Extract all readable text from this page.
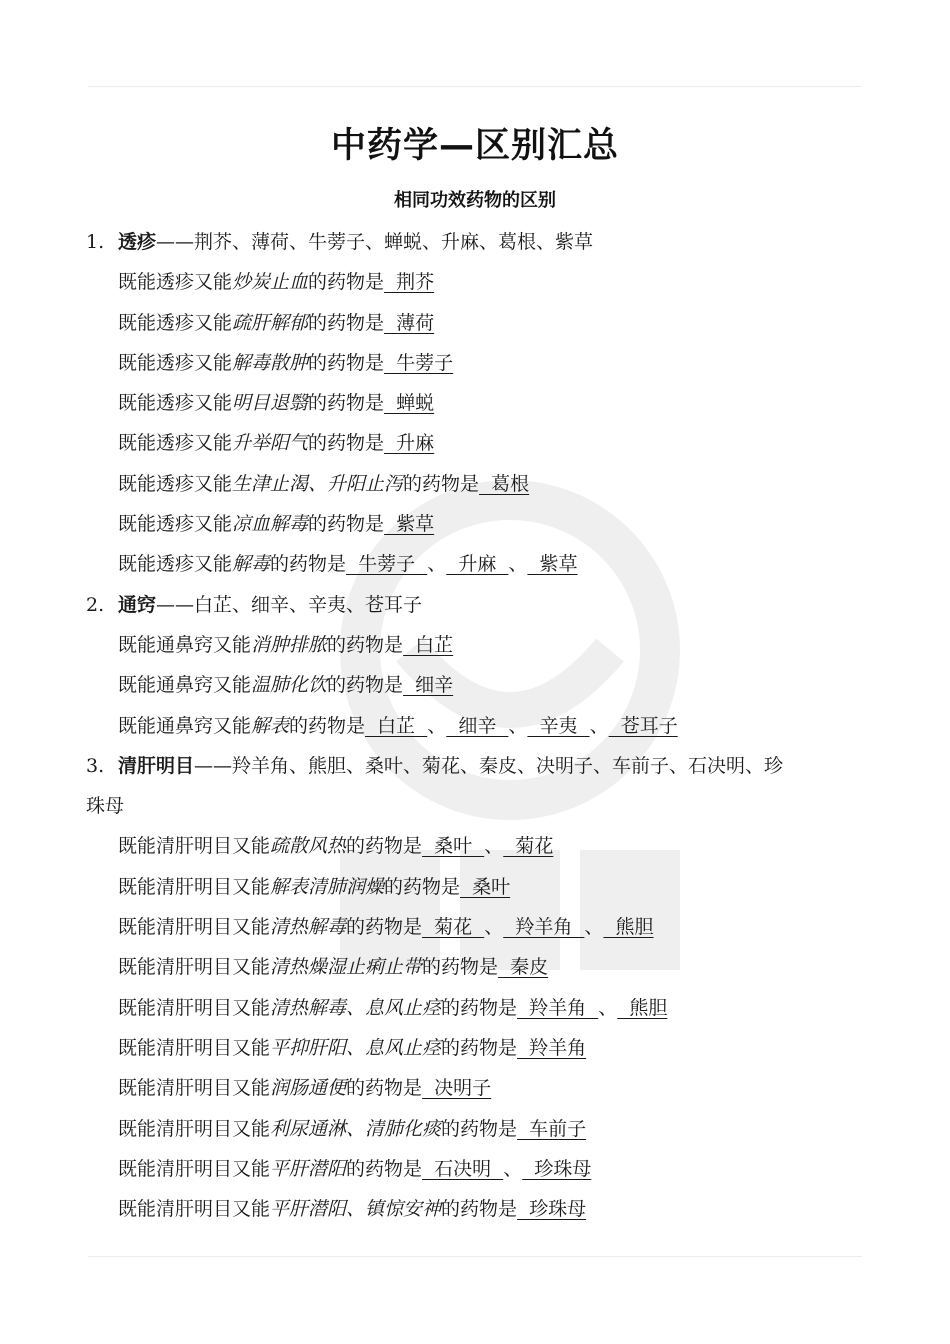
中药学—区别汇总
相同功效药物的区别
1. 透疹——荆芥、薄荷、牛蒡子、蝉蜕、升麻、葛根、紫草
既能透疹又能炒炭止血的药物是  荆芥
既能透疹又能疏肝解郁的药物是  薄荷
既能透疹又能解毒散肿的药物是  牛蒡子
既能透疹又能明目退翳的药物是  蝉蜕
既能透疹又能升举阳气的药物是  升麻
既能透疹又能生津止渴、升阳止泻的药物是  葛根
既能透疹又能凉血解毒的药物是  紫草
既能透疹又能解毒的药物是  牛蒡子  、  升麻  、  紫草
2. 通窍——白芷、细辛、辛夷、苍耳子
既能通鼻窍又能消肿排脓的药物是  白芷
既能通鼻窍又能温肺化饮的药物是  细辛
既能通鼻窍又能解表的药物是  白芷  、  细辛  、  辛夷  、  苍耳子
3. 清肝明目——羚羊角、熊胆、桑叶、菊花、秦皮、决明子、车前子、石决明、珍
珠母
既能清肝明目又能疏散风热的药物是  桑叶  、  菊花
既能清肝明目又能解表清肺润燥的药物是  桑叶
既能清肝明目又能清热解毒的药物是  菊花  、  羚羊角  、  熊胆
既能清肝明目又能清热燥湿止痢止带的药物是  秦皮
既能清肝明目又能清热解毒、息风止痉的药物是  羚羊角  、  熊胆
既能清肝明目又能平抑肝阳、息风止痉的药物是  羚羊角
既能清肝明目又能润肠通便的药物是  决明子
既能清肝明目又能利尿通淋、清肺化痰的药物是  车前子
既能清肝明目又能平肝潜阳的药物是  石决明  、  珍珠母
既能清肝明目又能平肝潜阳、镇惊安神的药物是  珍珠母
